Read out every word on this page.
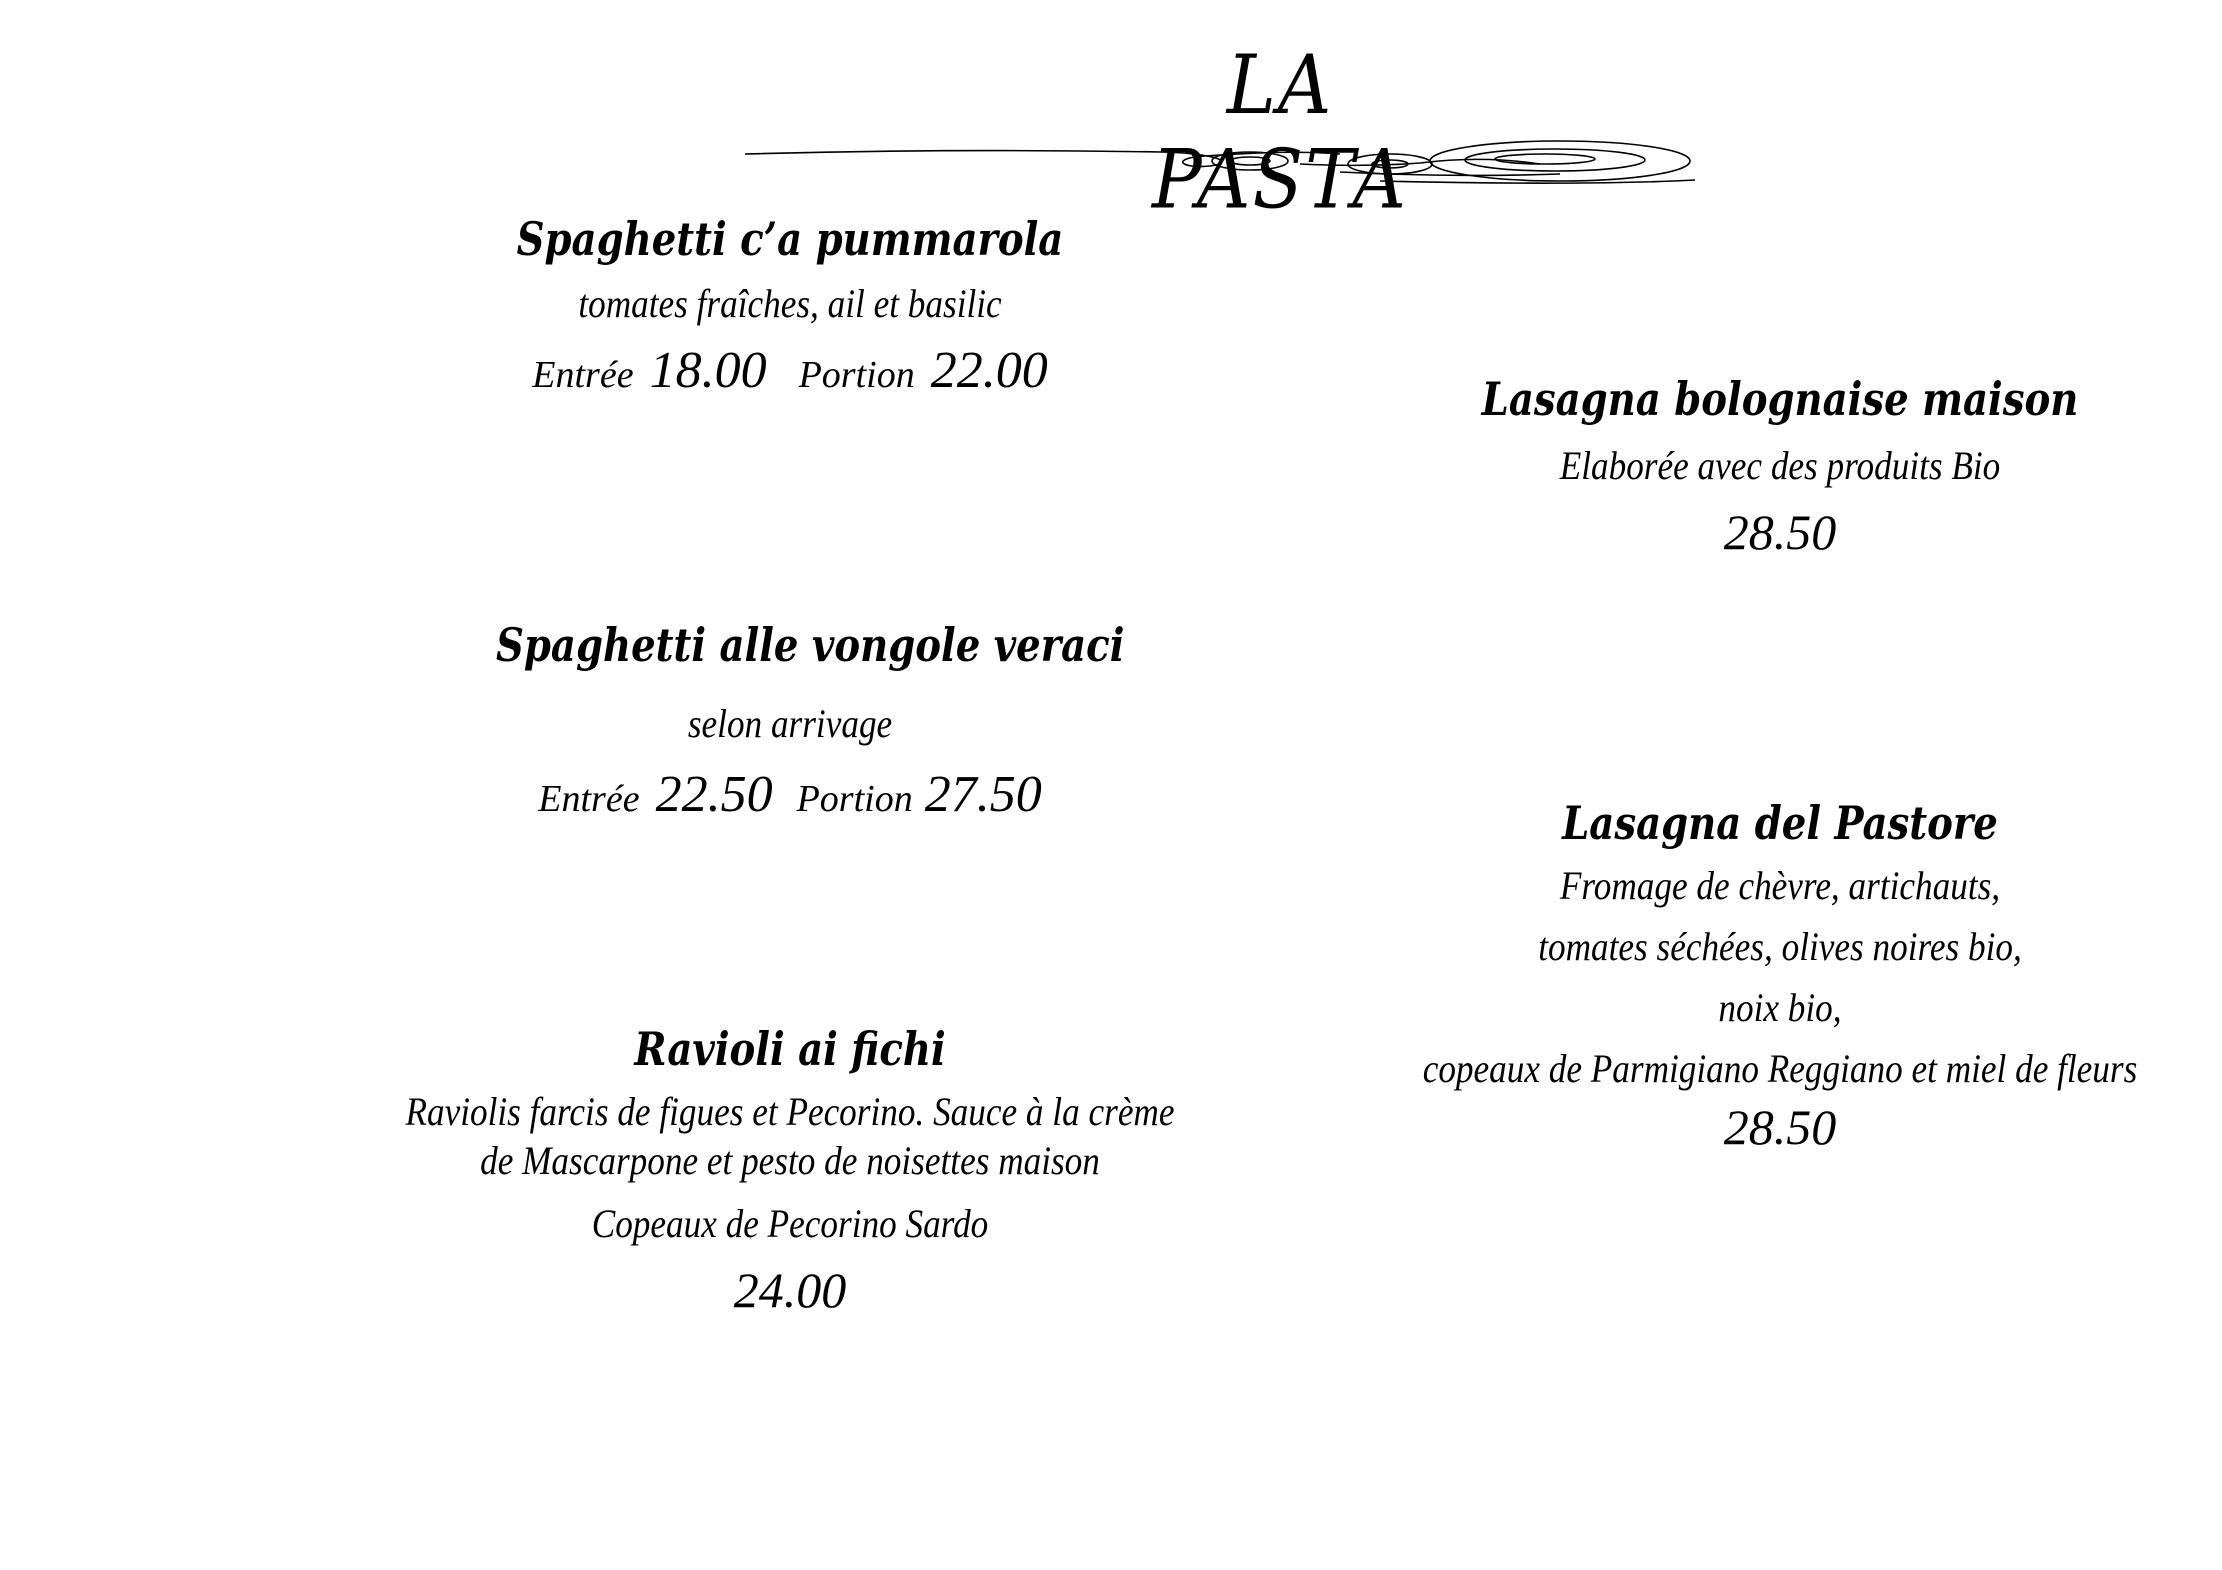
LA PASTA
Spaghetti c’a pummarola
tomates fraîches, ail et basilic
Entrée 18.00 Portion 22.00
Spaghetti alle vongole veraci
selon arrivage
Entrée 22.50 Portion 27.50
Ravioli ai fichi
Raviolis farcis de figues et Pecorino. Sauce à la crème
de Mascarpone et pesto de noisettes maison
Copeaux de Pecorino Sardo
24.00
Lasagna bolognaise maison
Elaborée avec des produits Bio
28.50
Lasagna del Pastore
Fromage de chèvre, artichauts,
tomates séchées, olives noires bio,
noix bio,
copeaux de Parmigiano Reggiano et miel de fleurs
28.50
